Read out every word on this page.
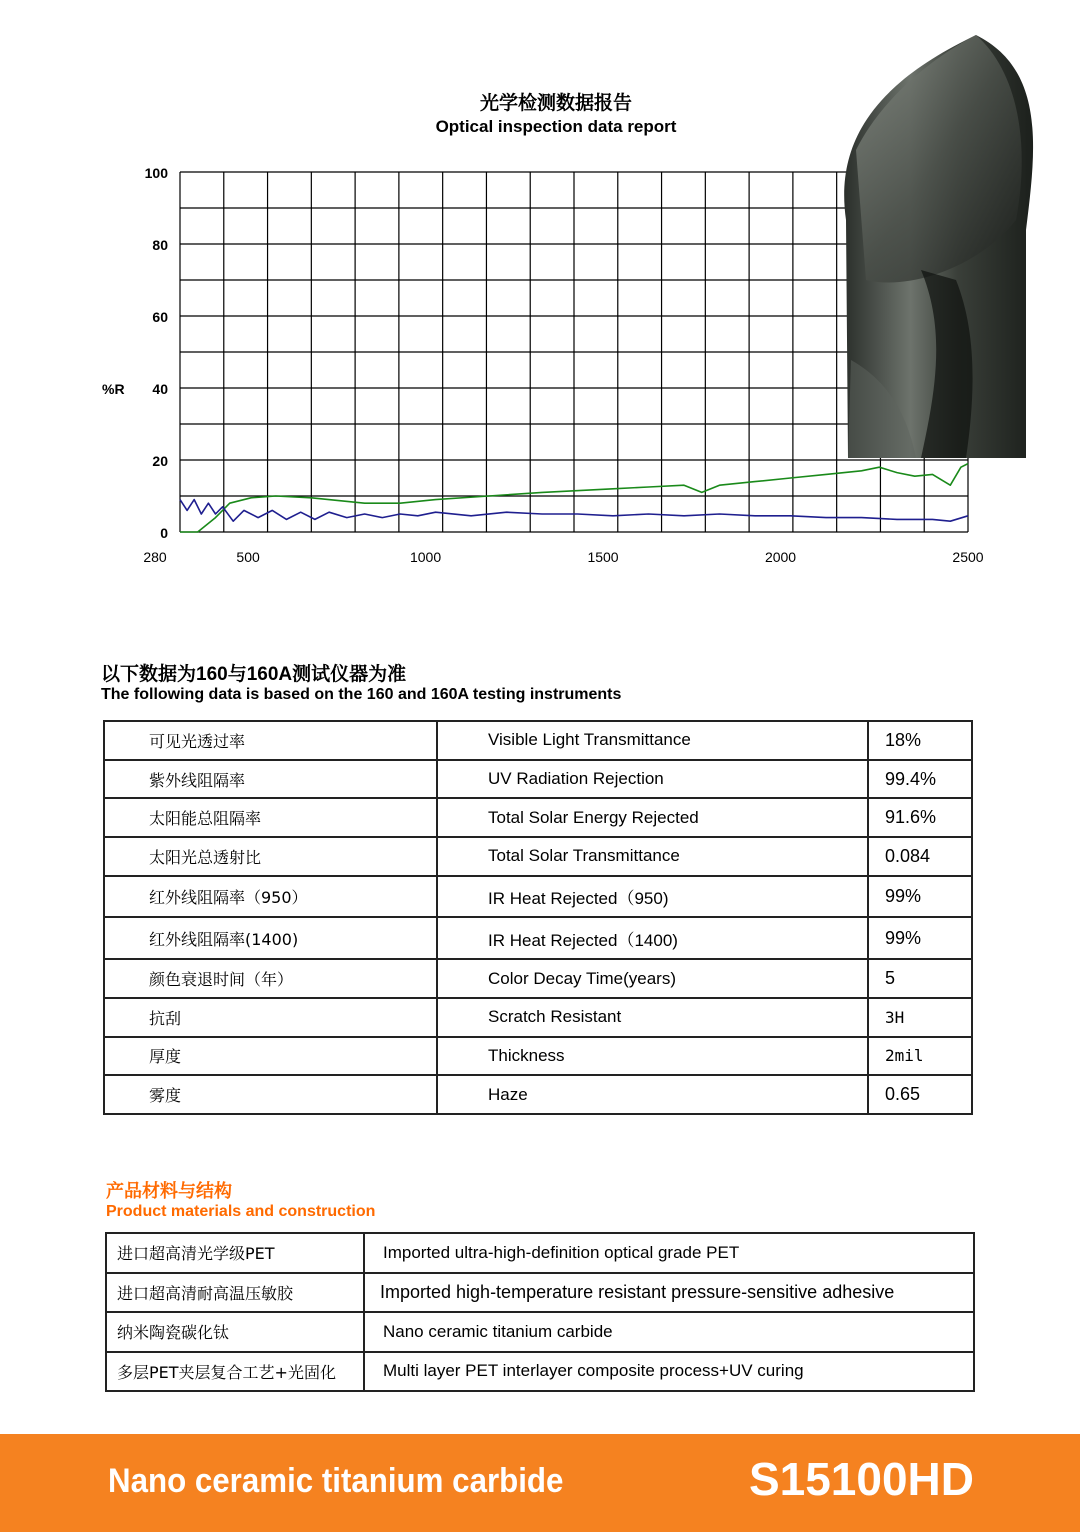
光学检测数据报告
Optical inspection data report
0
20
40
60
80
100
%R
280	500	1000	1500	2000	2500
以下数据为160与160A测试仪器为准
The following data is based on the 160 and 160A testing instruments
可见光透过率	Visible Light Transmittance	18%
紫外线阻隔率	UV Radiation Rejection	99.4%
太阳能总阻隔率	Total Solar Energy Rejected	91.6%
太阳光总透射比	Total Solar Transmittance	0.084
红外线阻隔率（950）	IR Heat Rejected（950)	99%
红外线阻隔率(1400)	IR Heat Rejected（1400)	99%
颜色衰退时间（年）	Color Decay Time(years)	5
抗刮	Scratch Resistant	3H
厚度	Thickness	2mil
雾度	Haze	0.65
产品材料与结构
Product materials and construction
进口超高清光学级PET	Imported ultra-high-definition optical grade PET
进口超高清耐高温压敏胶	Imported high-temperature resistant pressure-sensitive adhesive
纳米陶瓷碳化钛	Nano ceramic titanium carbide
多层PET夹层复合工艺+光固化	Multi layer PET interlayer composite process+UV curing
Nano ceramic titanium carbide	S15100HD
